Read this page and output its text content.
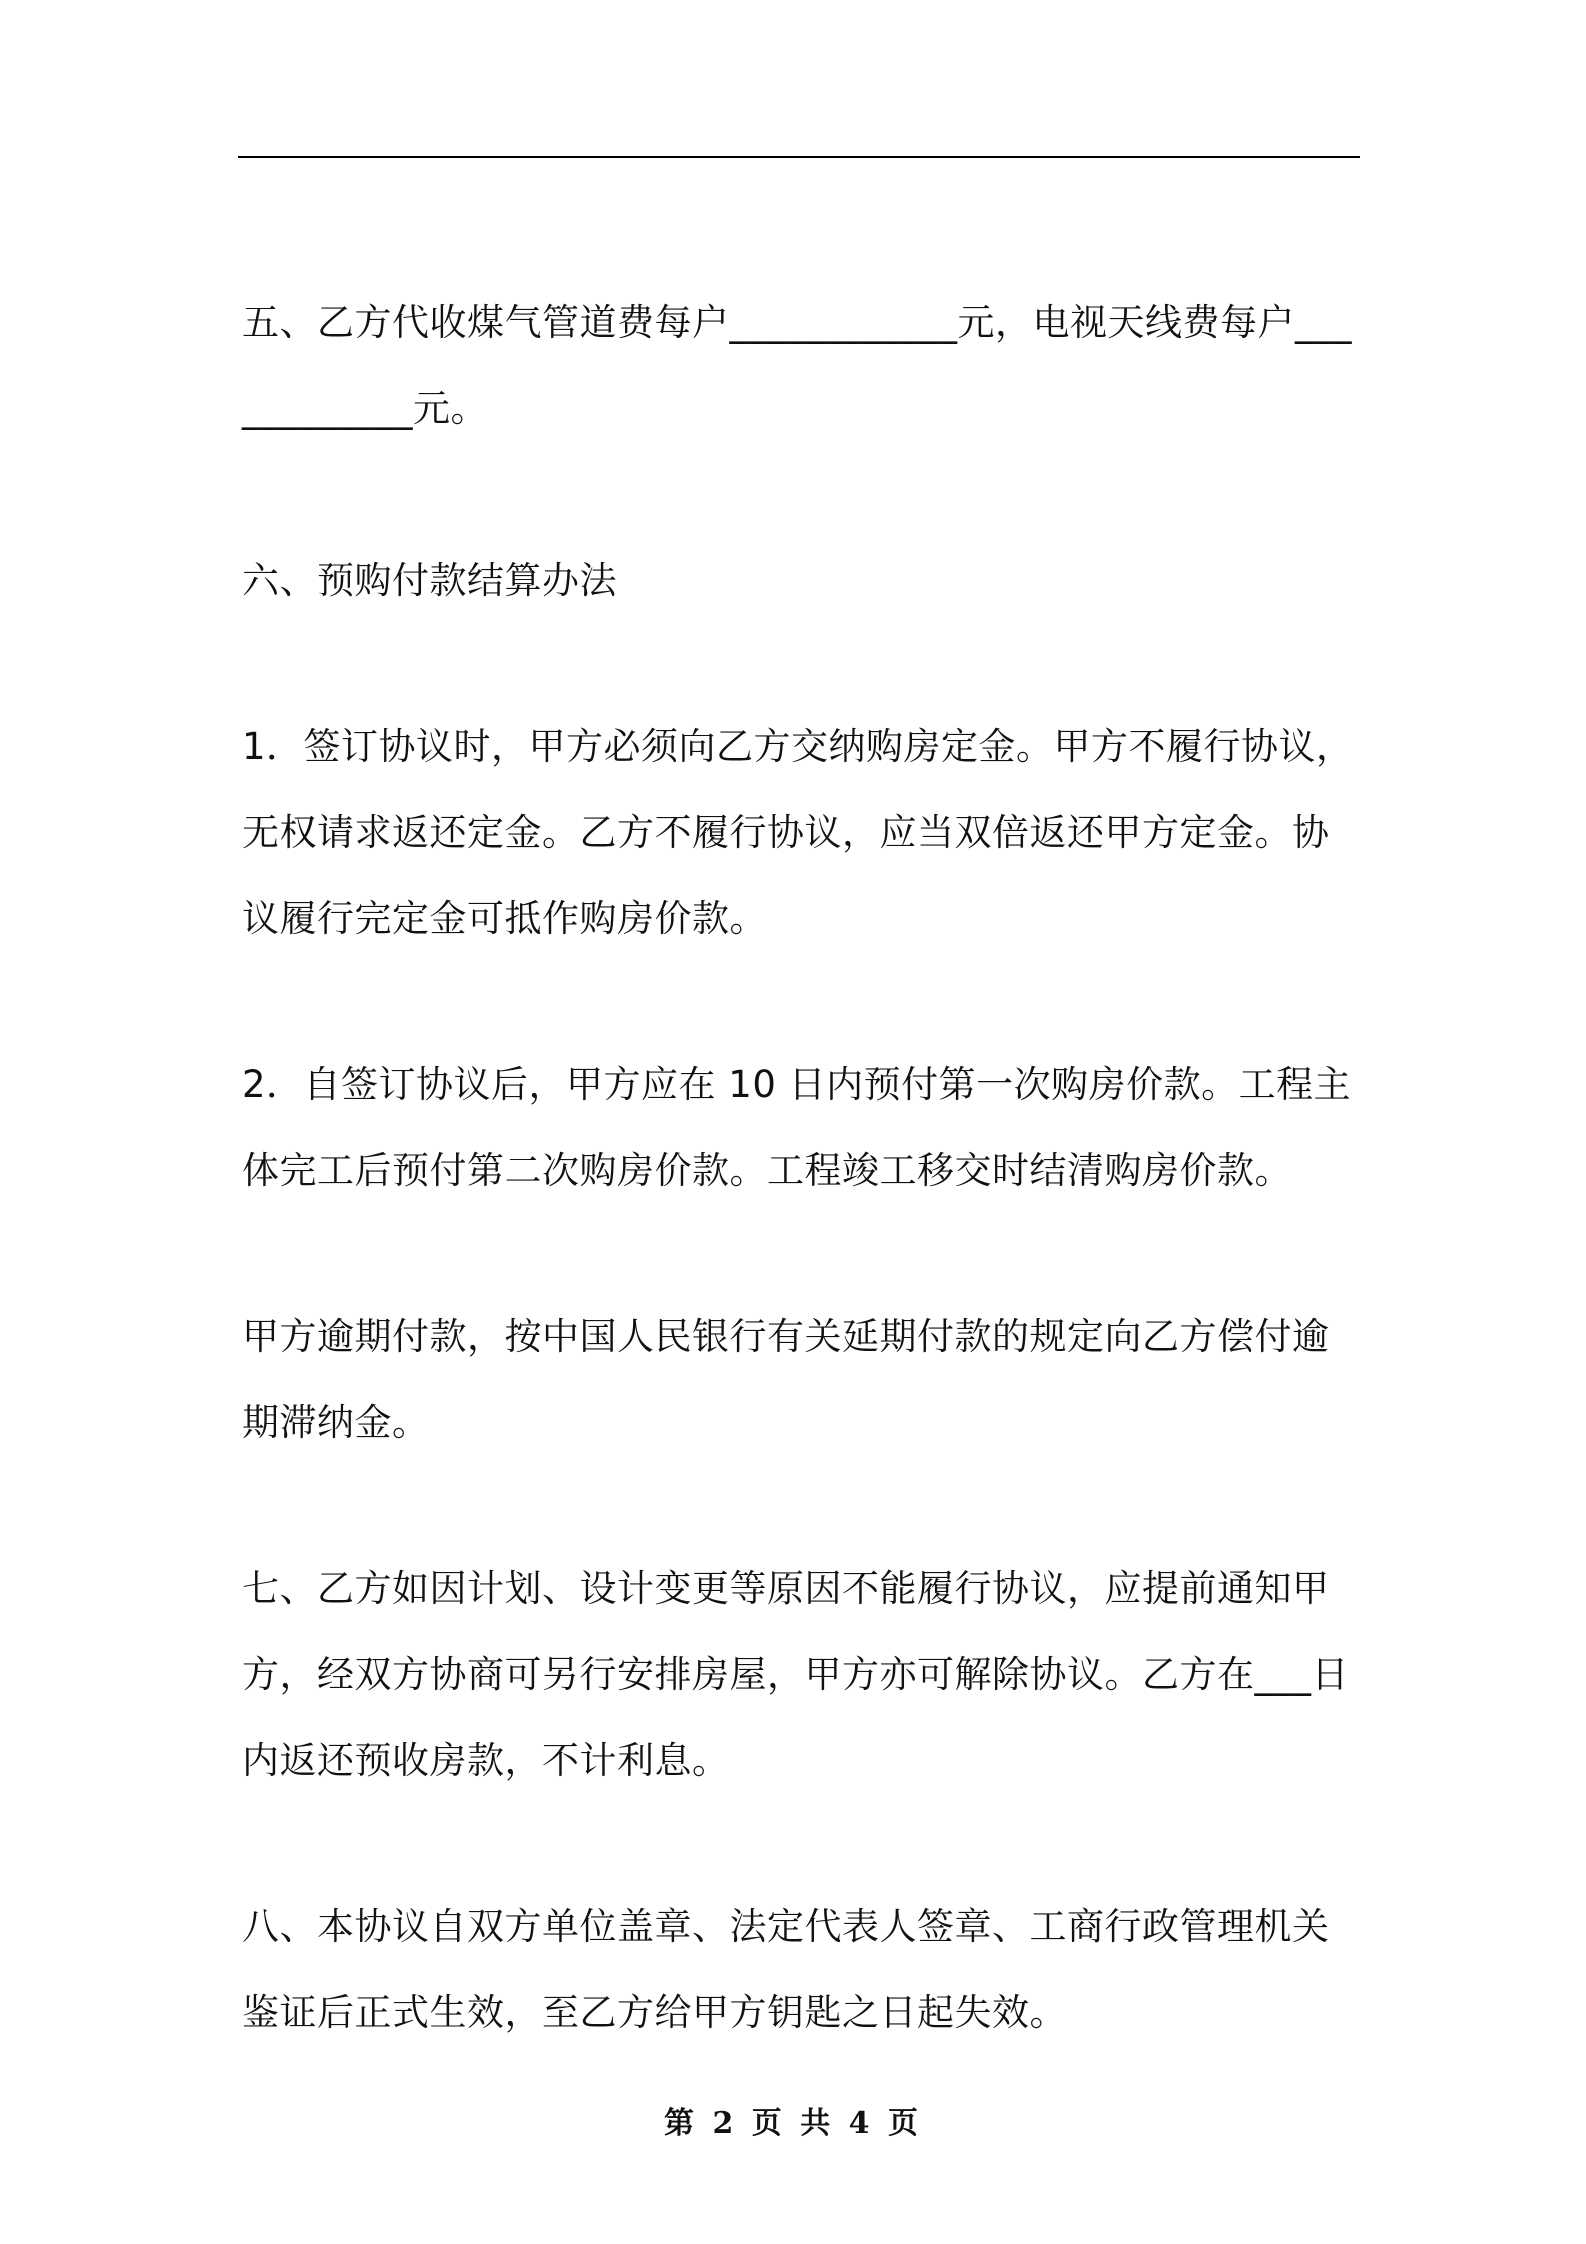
五、乙方代收煤气管道费每户____________元，电视天线费每户____________元。

六、预购付款结算办法

1．签订协议时，甲方必须向乙方交纳购房定金。甲方不履行协议，无权请求返还定金。乙方不履行协议，应当双倍返还甲方定金。协议履行完定金可抵作购房价款。

2．自签订协议后，甲方应在 10 日内预付第一次购房价款。工程主体完工后预付第二次购房价款。工程竣工移交时结清购房价款。

甲方逾期付款，按中国人民银行有关延期付款的规定向乙方偿付逾期滞纳金。

七、乙方如因计划、设计变更等原因不能履行协议，应提前通知甲方，经双方协商可另行安排房屋，甲方亦可解除协议。乙方在___日内返还预收房款，不计利息。

八、本协议自双方单位盖章、法定代表人签章、工商行政管理机关鉴证后正式生效，至乙方给甲方钥匙之日起失效。

第 2 页 共 4 页
